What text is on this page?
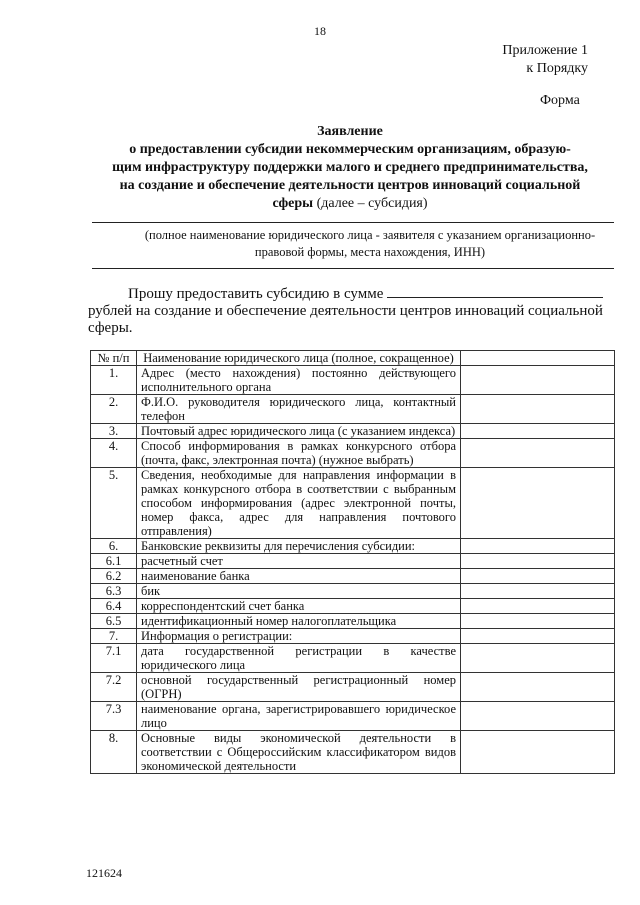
18
Приложение 1
к Порядку
Форма
Заявление
о предоставлении субсидии некоммерческим организациям, образую-
щим инфраструктуру поддержки малого и среднего предпринимательства,
на создание и обеспечение деятельности центров инноваций социальной
сферы (далее – субсидия)
(полное наименование юридического лица - заявителя с указанием организационно-
правовой формы, места нахождения, ИНН)
Прошу предоставить субсидию в сумме
рублей на создание и обеспечение деятельности центров инноваций социальной сферы.
№ п/п	Наименование юридического лица (полное, сокращенное)	
1.	Адрес (место нахождения) постоянно действующего исполнительного органа	
2.	Ф.И.О. руководителя юридического лица, контактный телефон	
3.	Почтовый адрес юридического лица (с указанием индекса)	
4.	Способ информирования в рамках конкурсного отбора (почта, факс, электронная почта) (нужное выбрать)	
5.	Сведения, необходимые для направления информации в рамках конкурсного отбора в соответствии с выбранным способом информирования (адрес электронной почты, номер факса, адрес для направления почтового отправления)	
6.	Банковские реквизиты для перечисления субсидии:	
6.1	расчетный счет	
6.2	наименование банка	
6.3	бик	
6.4	корреспондентский счет банка	
6.5	идентификационный номер налогоплательщика	
7.	Информация о регистрации:	
7.1	дата государственной регистрации в качестве юридического лица	
7.2	основной государственный регистрационный номер (ОГРН)	
7.3	наименование органа, зарегистрировавшего юридическое лицо	
8.	Основные виды экономической деятельности в соответствии с Общероссийским классификатором видов экономической деятельности	
121624
